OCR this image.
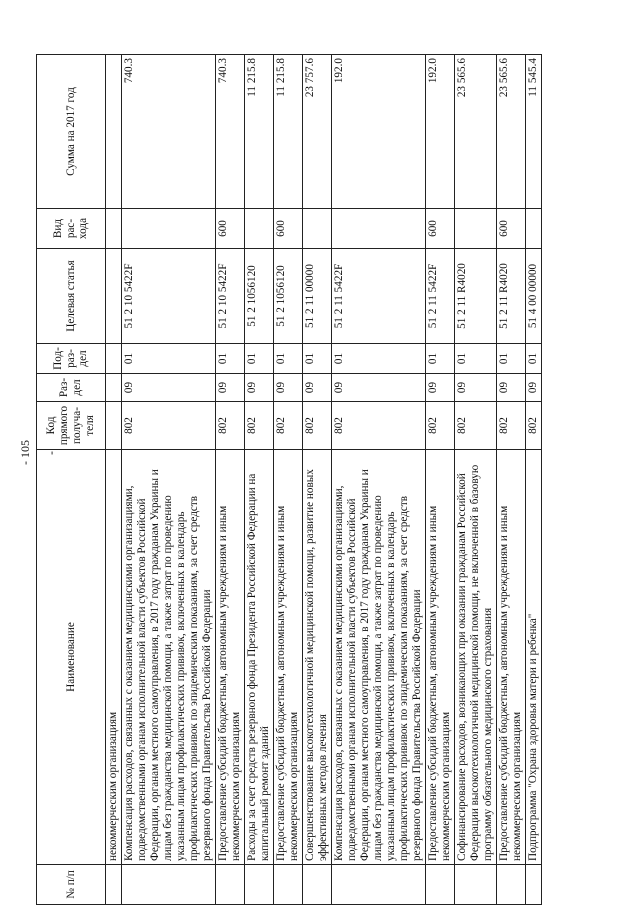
- 105 -
№ п/п	Наименование	Код прямого получа-теля	Раз-дел	Под-раз-дел	Целевая статья	Вид рас-хода	Сумма на 2017 год
	некоммерческим организациям						
	Компенсация расходов, связанных с оказанием медицинскими организациями, подведомственными органам исполнительной власти субъектов Российской Федерации, органам местного самоуправления, в 2017 году гражданам Украины и лицам без гражданства медицинской помощи, а также затрат по проведению указанным лицам профилактических прививок, включенных в календарь профилактических прививок по эпидемическим показаниям, за счет средств резервного фонда Правительства Российской Федерации	802	09	01	51 2 10 5422F		740.3
	Предоставление субсидий бюджетным, автономным учреждениям и иным некоммерческим организациям	802	09	01	51 2 10 5422F	600	740.3
	Расходы за счет средств резервного фонда Президента Российской Федерации на капитальный ремонт зданий	802	09	01	51 2 1056120		11 215.8
	Предоставление субсидий бюджетным, автономным учреждениям и иным некоммерческим организациям	802	09	01	51 2 1056120	600	11 215.8
	Совершенствование высокотехнологичной медицинской помощи, развитие новых эффективных методов лечения	802	09	01	51 2 11 00000		23 757.6
	Компенсация расходов, связанных с оказанием медицинскими организациями, подведомственными органам исполнительной власти субъектов Российской Федерации, органам местного самоуправления, в 2017 году гражданам Украины и лицам без гражданства медицинской помощи, а также затрат по проведению указанным лицам профилактических прививок, включенных в календарь профилактических прививок по эпидемическим показаниям, за счет средств резервного фонда Правительства Российской Федерации	802	09	01	51 2 11 5422F		192.0
	Предоставление субсидий бюджетным, автономным учреждениям и иным некоммерческим организациям	802	09	01	51 2 11 5422F	600	192.0
	Софинансирование расходов, возникающих при оказании гражданам Российской Федерации высокотехнологичной медицинской помощи, не включенной в базовую программу обязательного медицинского страхования	802	09	01	51 2 11 R4020		23 565.6
	Предоставление субсидий бюджетным, автономным учреждениям и иным некоммерческим организациям	802	09	01	51 2 11 R4020	600	23 565.6
	Подпрограмма "Охрана здоровья матери и ребенка"	802	09	01	51 4 00 00000		11 545.4
